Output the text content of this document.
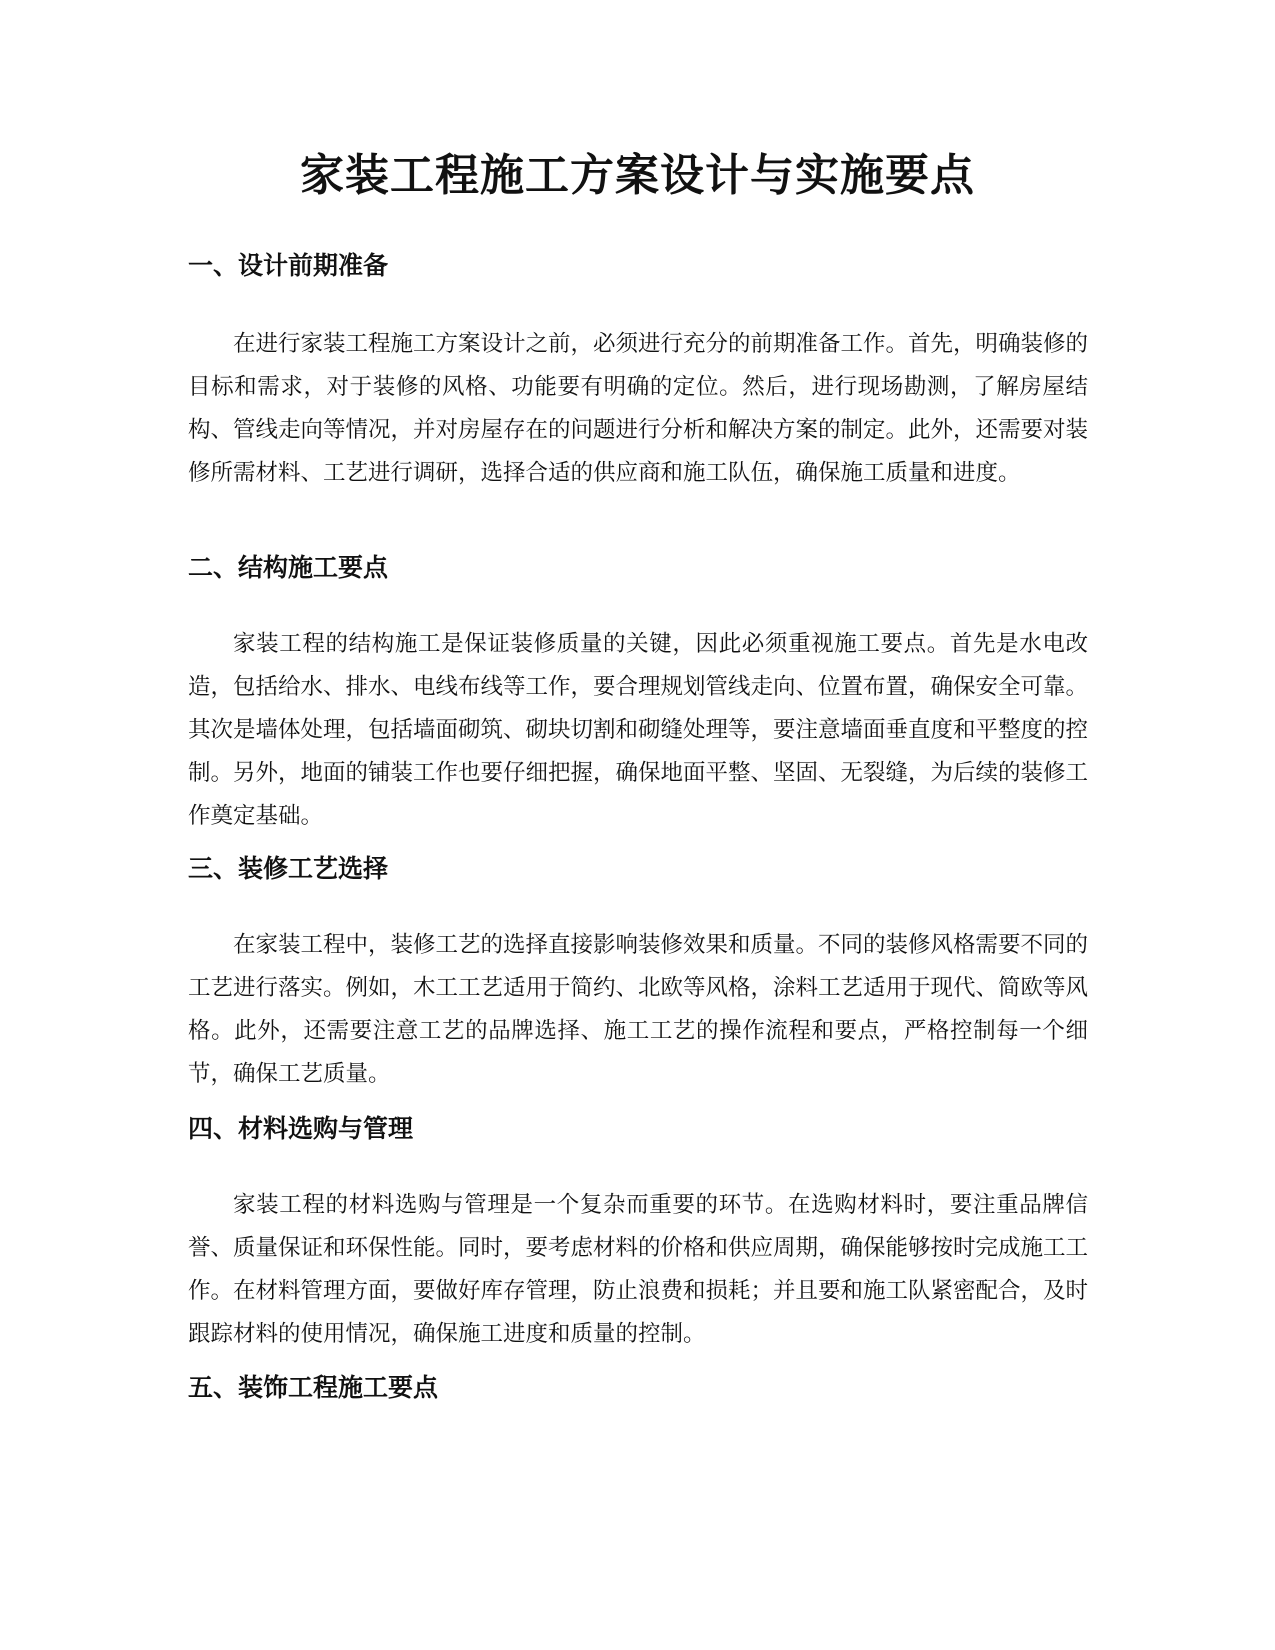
家装工程施工方案设计与实施要点
一、设计前期准备

在进行家装工程施工方案设计之前，必须进行充分的前期准备工作。首先，明确装修的目标和需求，对于装修的风格、功能要有明确的定位。然后，进行现场勘测，了解房屋结构、管线走向等情况，并对房屋存在的问题进行分析和解决方案的制定。此外，还需要对装修所需材料、工艺进行调研，选择合适的供应商和施工队伍，确保施工质量和进度。

二、结构施工要点

家装工程的结构施工是保证装修质量的关键，因此必须重视施工要点。首先是水电改造，包括给水、排水、电线布线等工作，要合理规划管线走向、位置布置，确保安全可靠。其次是墙体处理，包括墙面砌筑、砌块切割和砌缝处理等，要注意墙面垂直度和平整度的控制。另外，地面的铺装工作也要仔细把握，确保地面平整、坚固、无裂缝，为后续的装修工作奠定基础。

三、装修工艺选择

在家装工程中，装修工艺的选择直接影响装修效果和质量。不同的装修风格需要不同的工艺进行落实。例如，木工工艺适用于简约、北欧等风格，涂料工艺适用于现代、简欧等风格。此外，还需要注意工艺的品牌选择、施工工艺的操作流程和要点，严格控制每一个细节，确保工艺质量。

四、材料选购与管理

家装工程的材料选购与管理是一个复杂而重要的环节。在选购材料时，要注重品牌信誉、质量保证和环保性能。同时，要考虑材料的价格和供应周期，确保能够按时完成施工工作。在材料管理方面，要做好库存管理，防止浪费和损耗；并且要和施工队紧密配合，及时跟踪材料的使用情况，确保施工进度和质量的控制。

五、装饰工程施工要点
